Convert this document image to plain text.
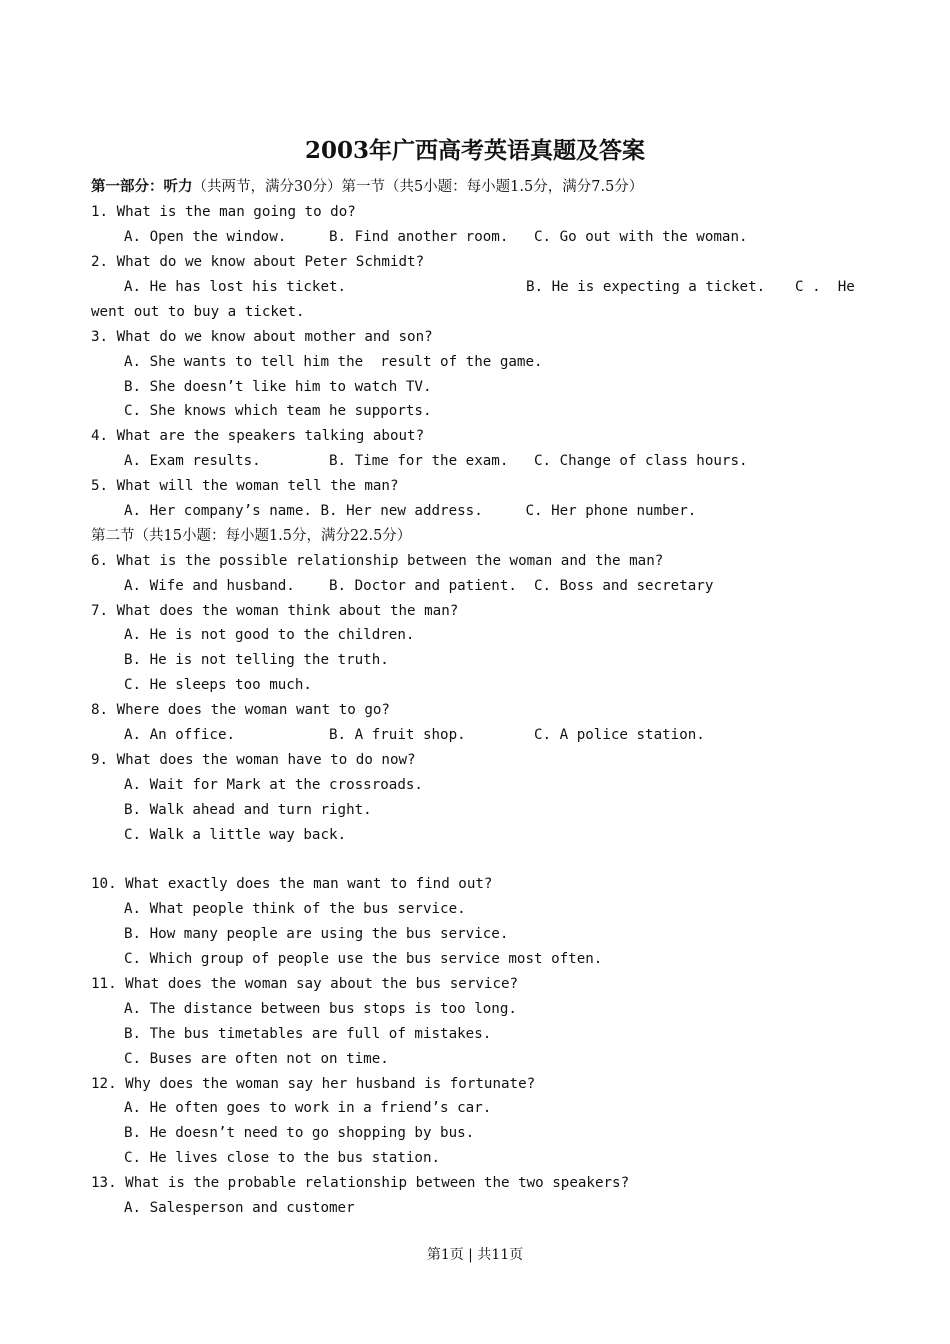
2003年广西高考英语真题及答案
第一部分：听力（共两节，满分30分）第一节（共5小题：每小题1.5分，满分7.5分）
1. What is the man going to do?
A. Open the window.     B. Find another room.   C. Go out with the woman.
2. What do we know about Peter Schmidt?
A. He has lost his ticket.	B. He is expecting a ticket. C .  He
went out to buy a ticket.
3. What do we know about mother and son?
A. She wants to tell him the  result of the game.
B. She doesn’t like him to watch TV.
C. She knows which team he supports.
4. What are the speakers talking about?
A. Exam results.        B. Time for the exam.   C. Change of class hours.
5. What will the woman tell the man?
A. Her company’s name. B. Her new address.     C. Her phone number.
第二节（共15小题：每小题1.5分，满分22.5分）
6. What is the possible relationship between the woman and the man?
A. Wife and husband.    B. Doctor and patient.  C. Boss and secretary
7. What does the woman think about the man?
A. He is not good to the children.
B. He is not telling the truth.
C. He sleeps too much.
8. Where does the woman want to go?
A. An office.           B. A fruit shop.        C. A police station.
9. What does the woman have to do now?
A. Wait for Mark at the crossroads.
B. Walk ahead and turn right.
C. Walk a little way back.
10. What exactly does the man want to find out?
A. What people think of the bus service.
B. How many people are using the bus service.
C. Which group of people use the bus service most often.
11. What does the woman say about the bus service?
A. The distance between bus stops is too long.
B. The bus timetables are full of mistakes.
C. Buses are often not on time.
12. Why does the woman say her husband is fortunate?
A. He often goes to work in a friend’s car.
B. He doesn’t need to go shopping by bus.
C. He lives close to the bus station.
13. What is the probable relationship between the two speakers?
A. Salesperson and customer
第1页 | 共11页
